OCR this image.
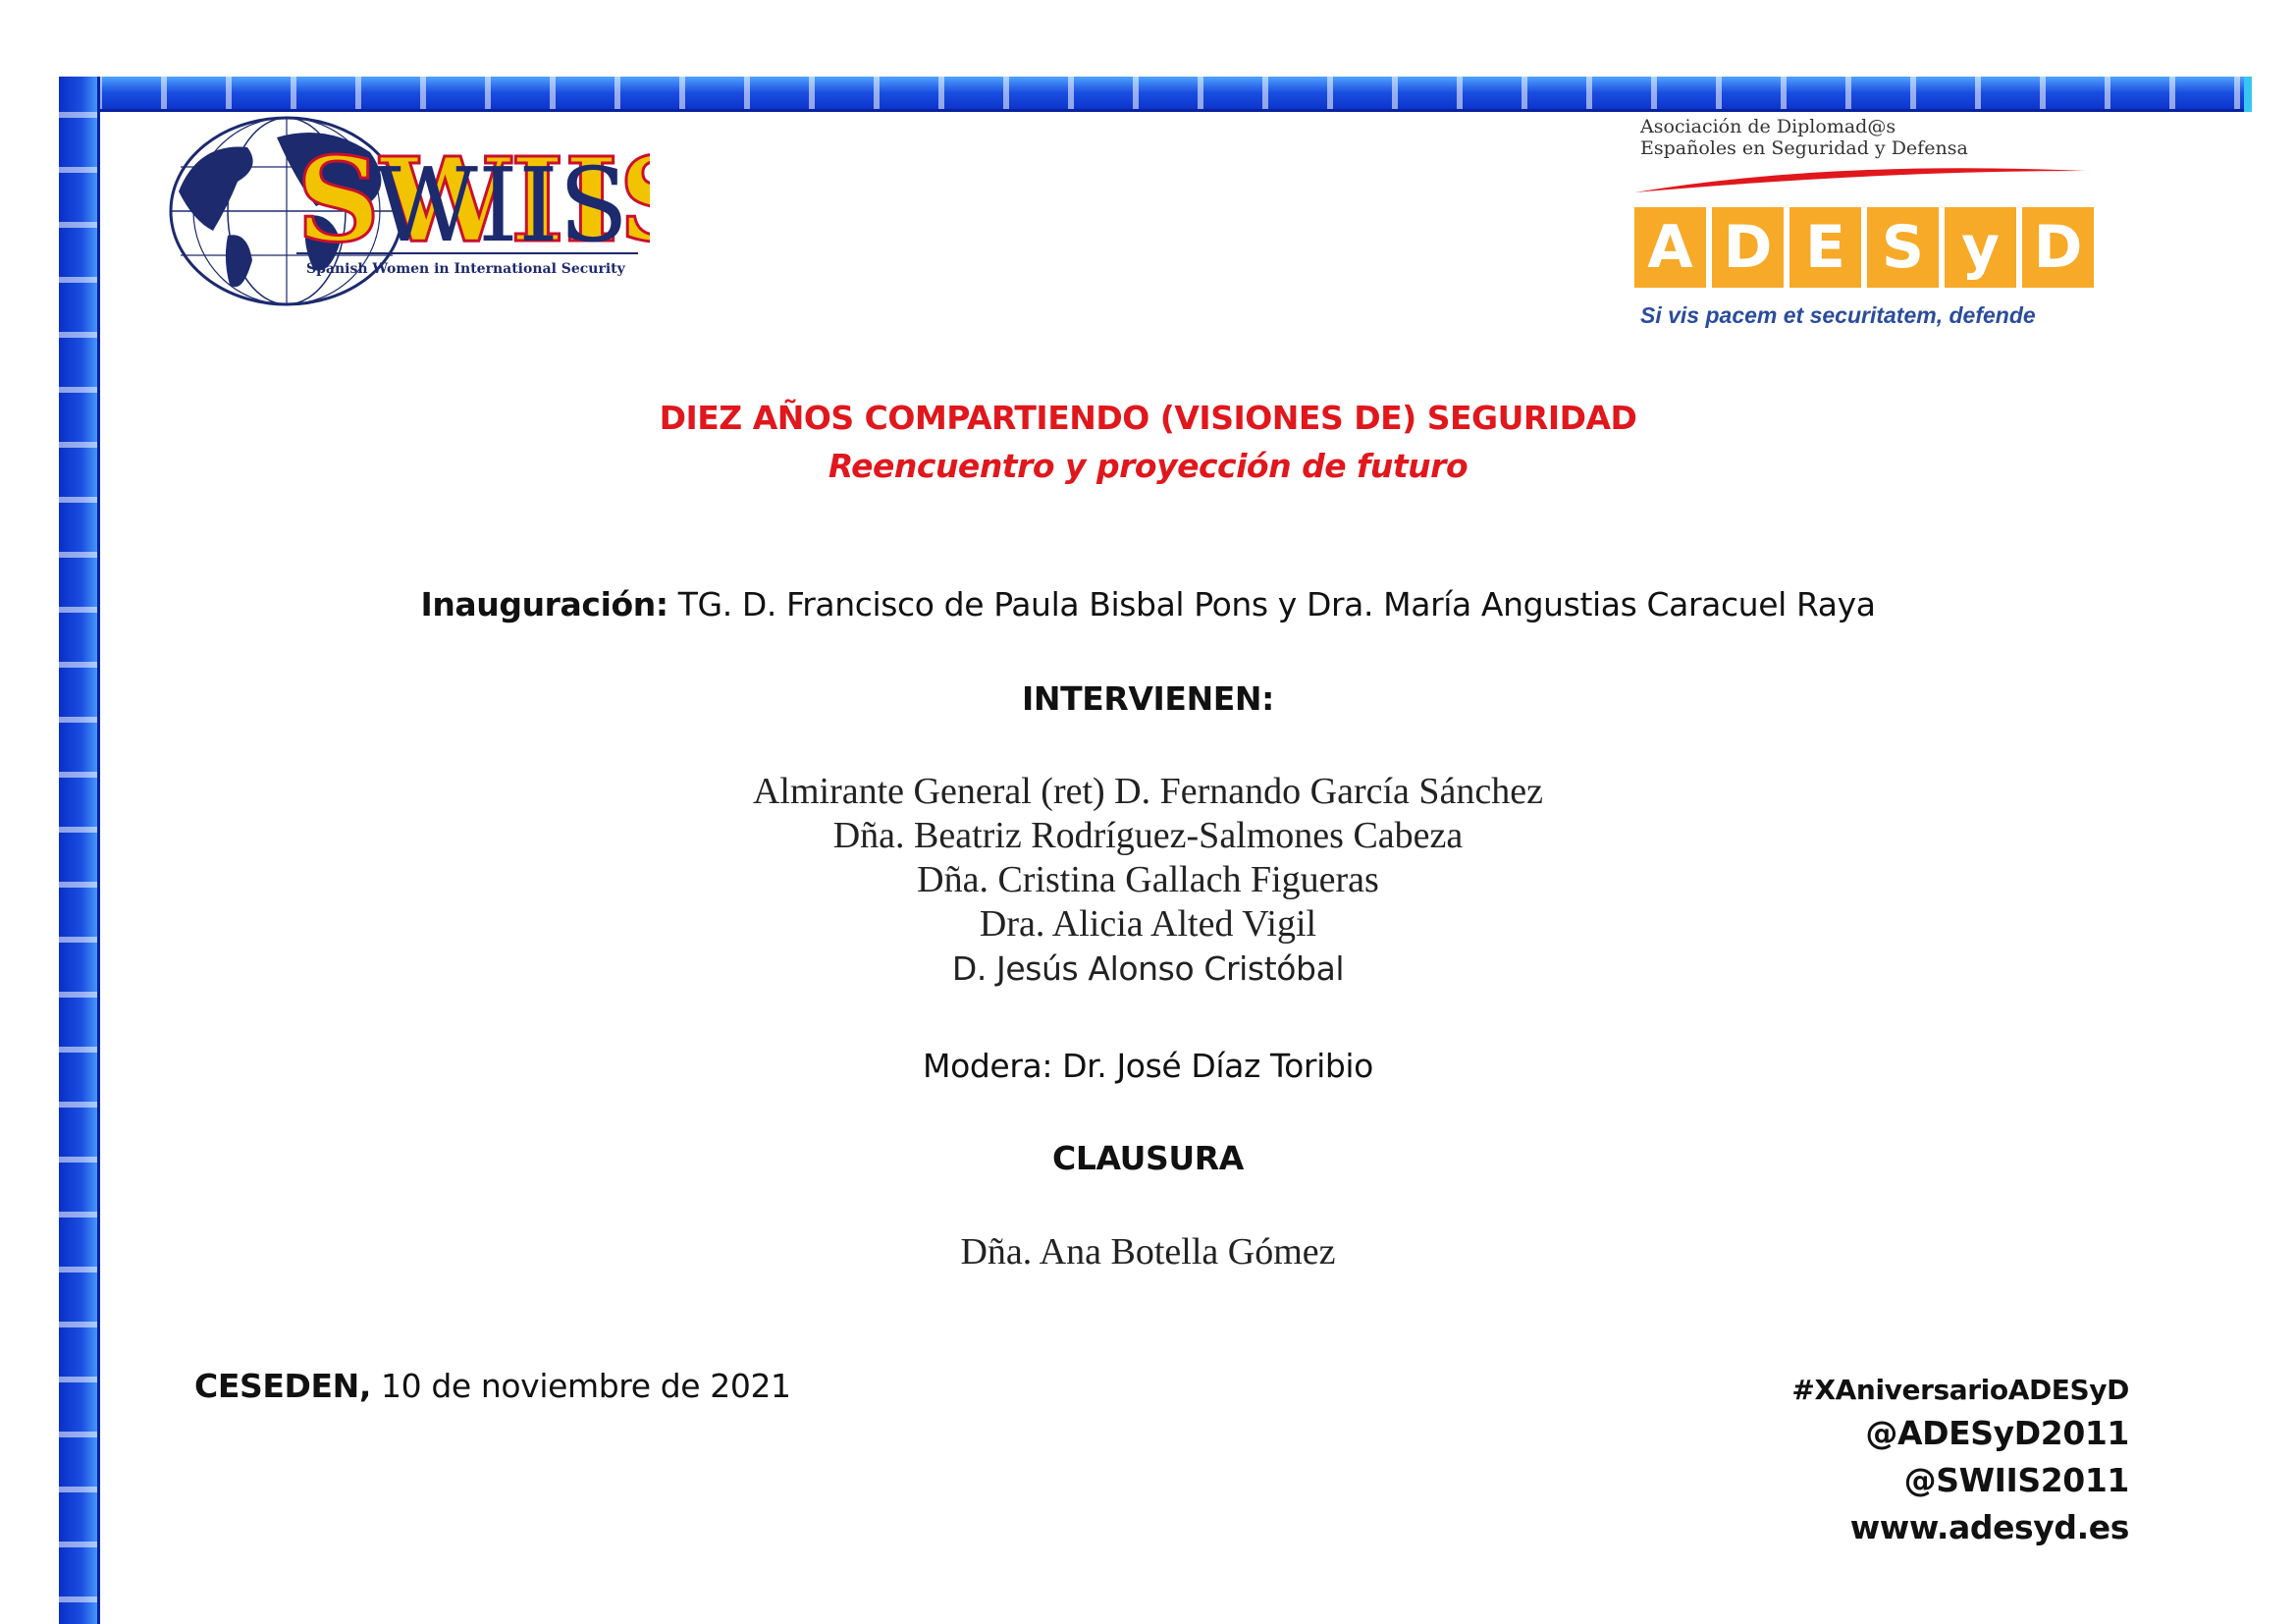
SWII
WIIS
Spanish Women in International Security
Asociación de Diplomad@s
Españoles en Seguridad y Defensa
A D E S y D
Si vis pacem et securitatem, defende
DIEZ AÑOS COMPARTIENDO (VISIONES DE) SEGURIDAD
Reencuentro y proyección de futuro
Inauguración: TG. D. Francisco de Paula Bisbal Pons y Dra. María Angustias Caracuel Raya
INTERVIENEN:
Almirante General (ret) D. Fernando García Sánchez
Dña. Beatriz Rodríguez-Salmones Cabeza
Dña. Cristina Gallach Figueras
Dra. Alicia Alted Vigil
D. Jesús Alonso Cristóbal
Modera: Dr. José Díaz Toribio
CLAUSURA
Dña. Ana Botella Gómez
CESEDEN, 10 de noviembre de 2021	#XAniversarioADESyD
@ADESyD2011
@SWIIS2011
www.adesyd.es
